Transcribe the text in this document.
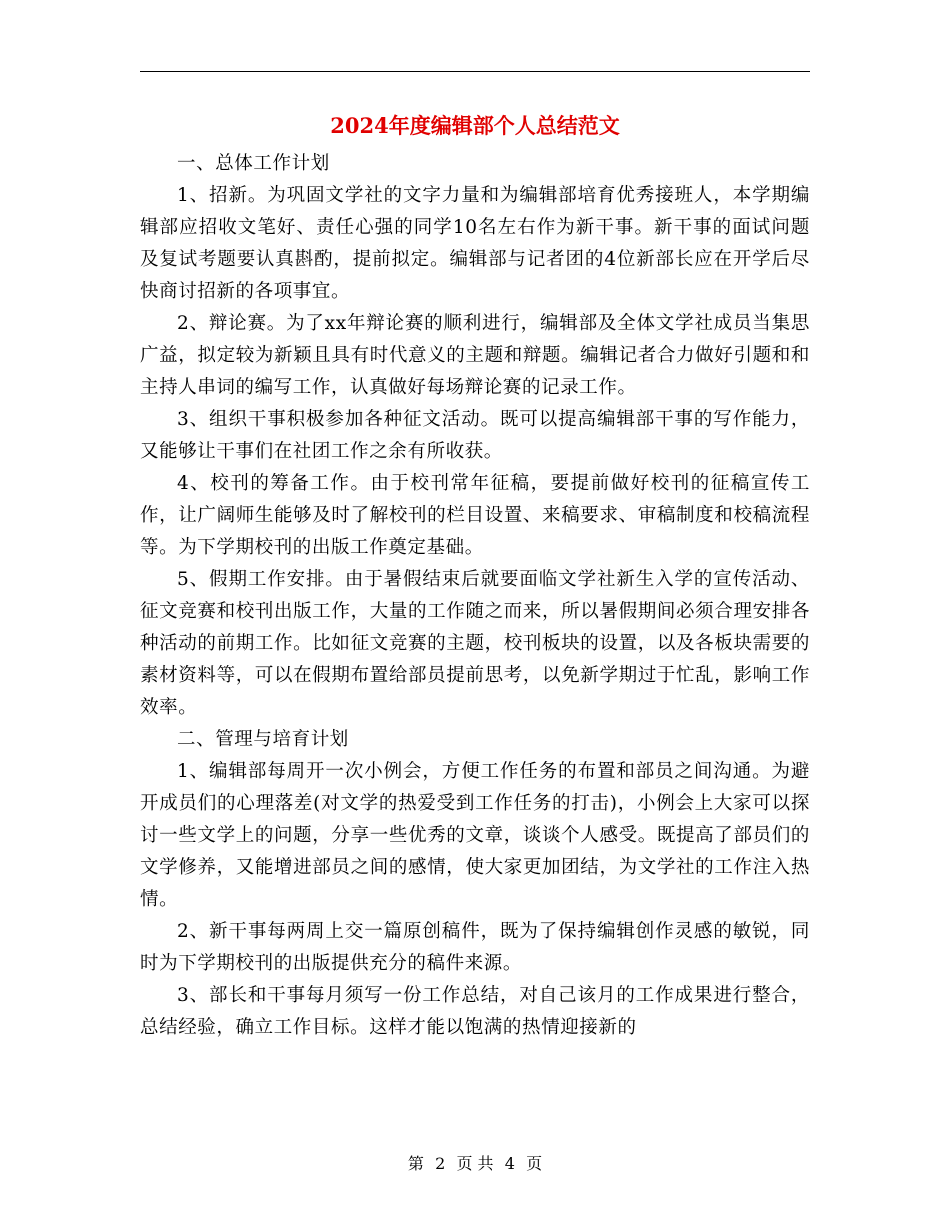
2024年度编辑部个人总结范文

一、总体工作计划

1、招新。为巩固文学社的文字力量和为编辑部培育优秀接班人，本学期编辑部应招收文笔好、责任心强的同学10名左右作为新干事。新干事的面试问题及复试考题要认真斟酌，提前拟定。编辑部与记者团的4位新部长应在开学后尽快商讨招新的各项事宜。

2、辩论赛。为了xx年辩论赛的顺利进行，编辑部及全体文学社成员当集思广益，拟定较为新颖且具有时代意义的主题和辩题。编辑记者合力做好引题和和主持人串词的编写工作，认真做好每场辩论赛的记录工作。

3、组织干事积极参加各种征文活动。既可以提高编辑部干事的写作能力，又能够让干事们在社团工作之余有所收获。

4、校刊的筹备工作。由于校刊常年征稿，要提前做好校刊的征稿宣传工作，让广阔师生能够及时了解校刊的栏目设置、来稿要求、审稿制度和校稿流程等。为下学期校刊的出版工作奠定基础。

5、假期工作安排。由于暑假结束后就要面临文学社新生入学的宣传活动、征文竞赛和校刊出版工作，大量的工作随之而来，所以暑假期间必须合理安排各种活动的前期工作。比如征文竞赛的主题，校刊板块的设置，以及各板块需要的素材资料等，可以在假期布置给部员提前思考，以免新学期过于忙乱，影响工作效率。

二、管理与培育计划

1、编辑部每周开一次小例会，方便工作任务的布置和部员之间沟通。为避开成员们的心理落差(对文学的热爱受到工作任务的打击)，小例会上大家可以探讨一些文学上的问题，分享一些优秀的文章，谈谈个人感受。既提高了部员们的文学修养，又能增进部员之间的感情，使大家更加团结，为文学社的工作注入热情。

2、新干事每两周上交一篇原创稿件，既为了保持编辑创作灵感的敏锐，同时为下学期校刊的出版提供充分的稿件来源。

3、部长和干事每月须写一份工作总结，对自己该月的工作成果进行整合，总结经验，确立工作目标。这样才能以饱满的热情迎接新的

第 2 页 共 4 页
